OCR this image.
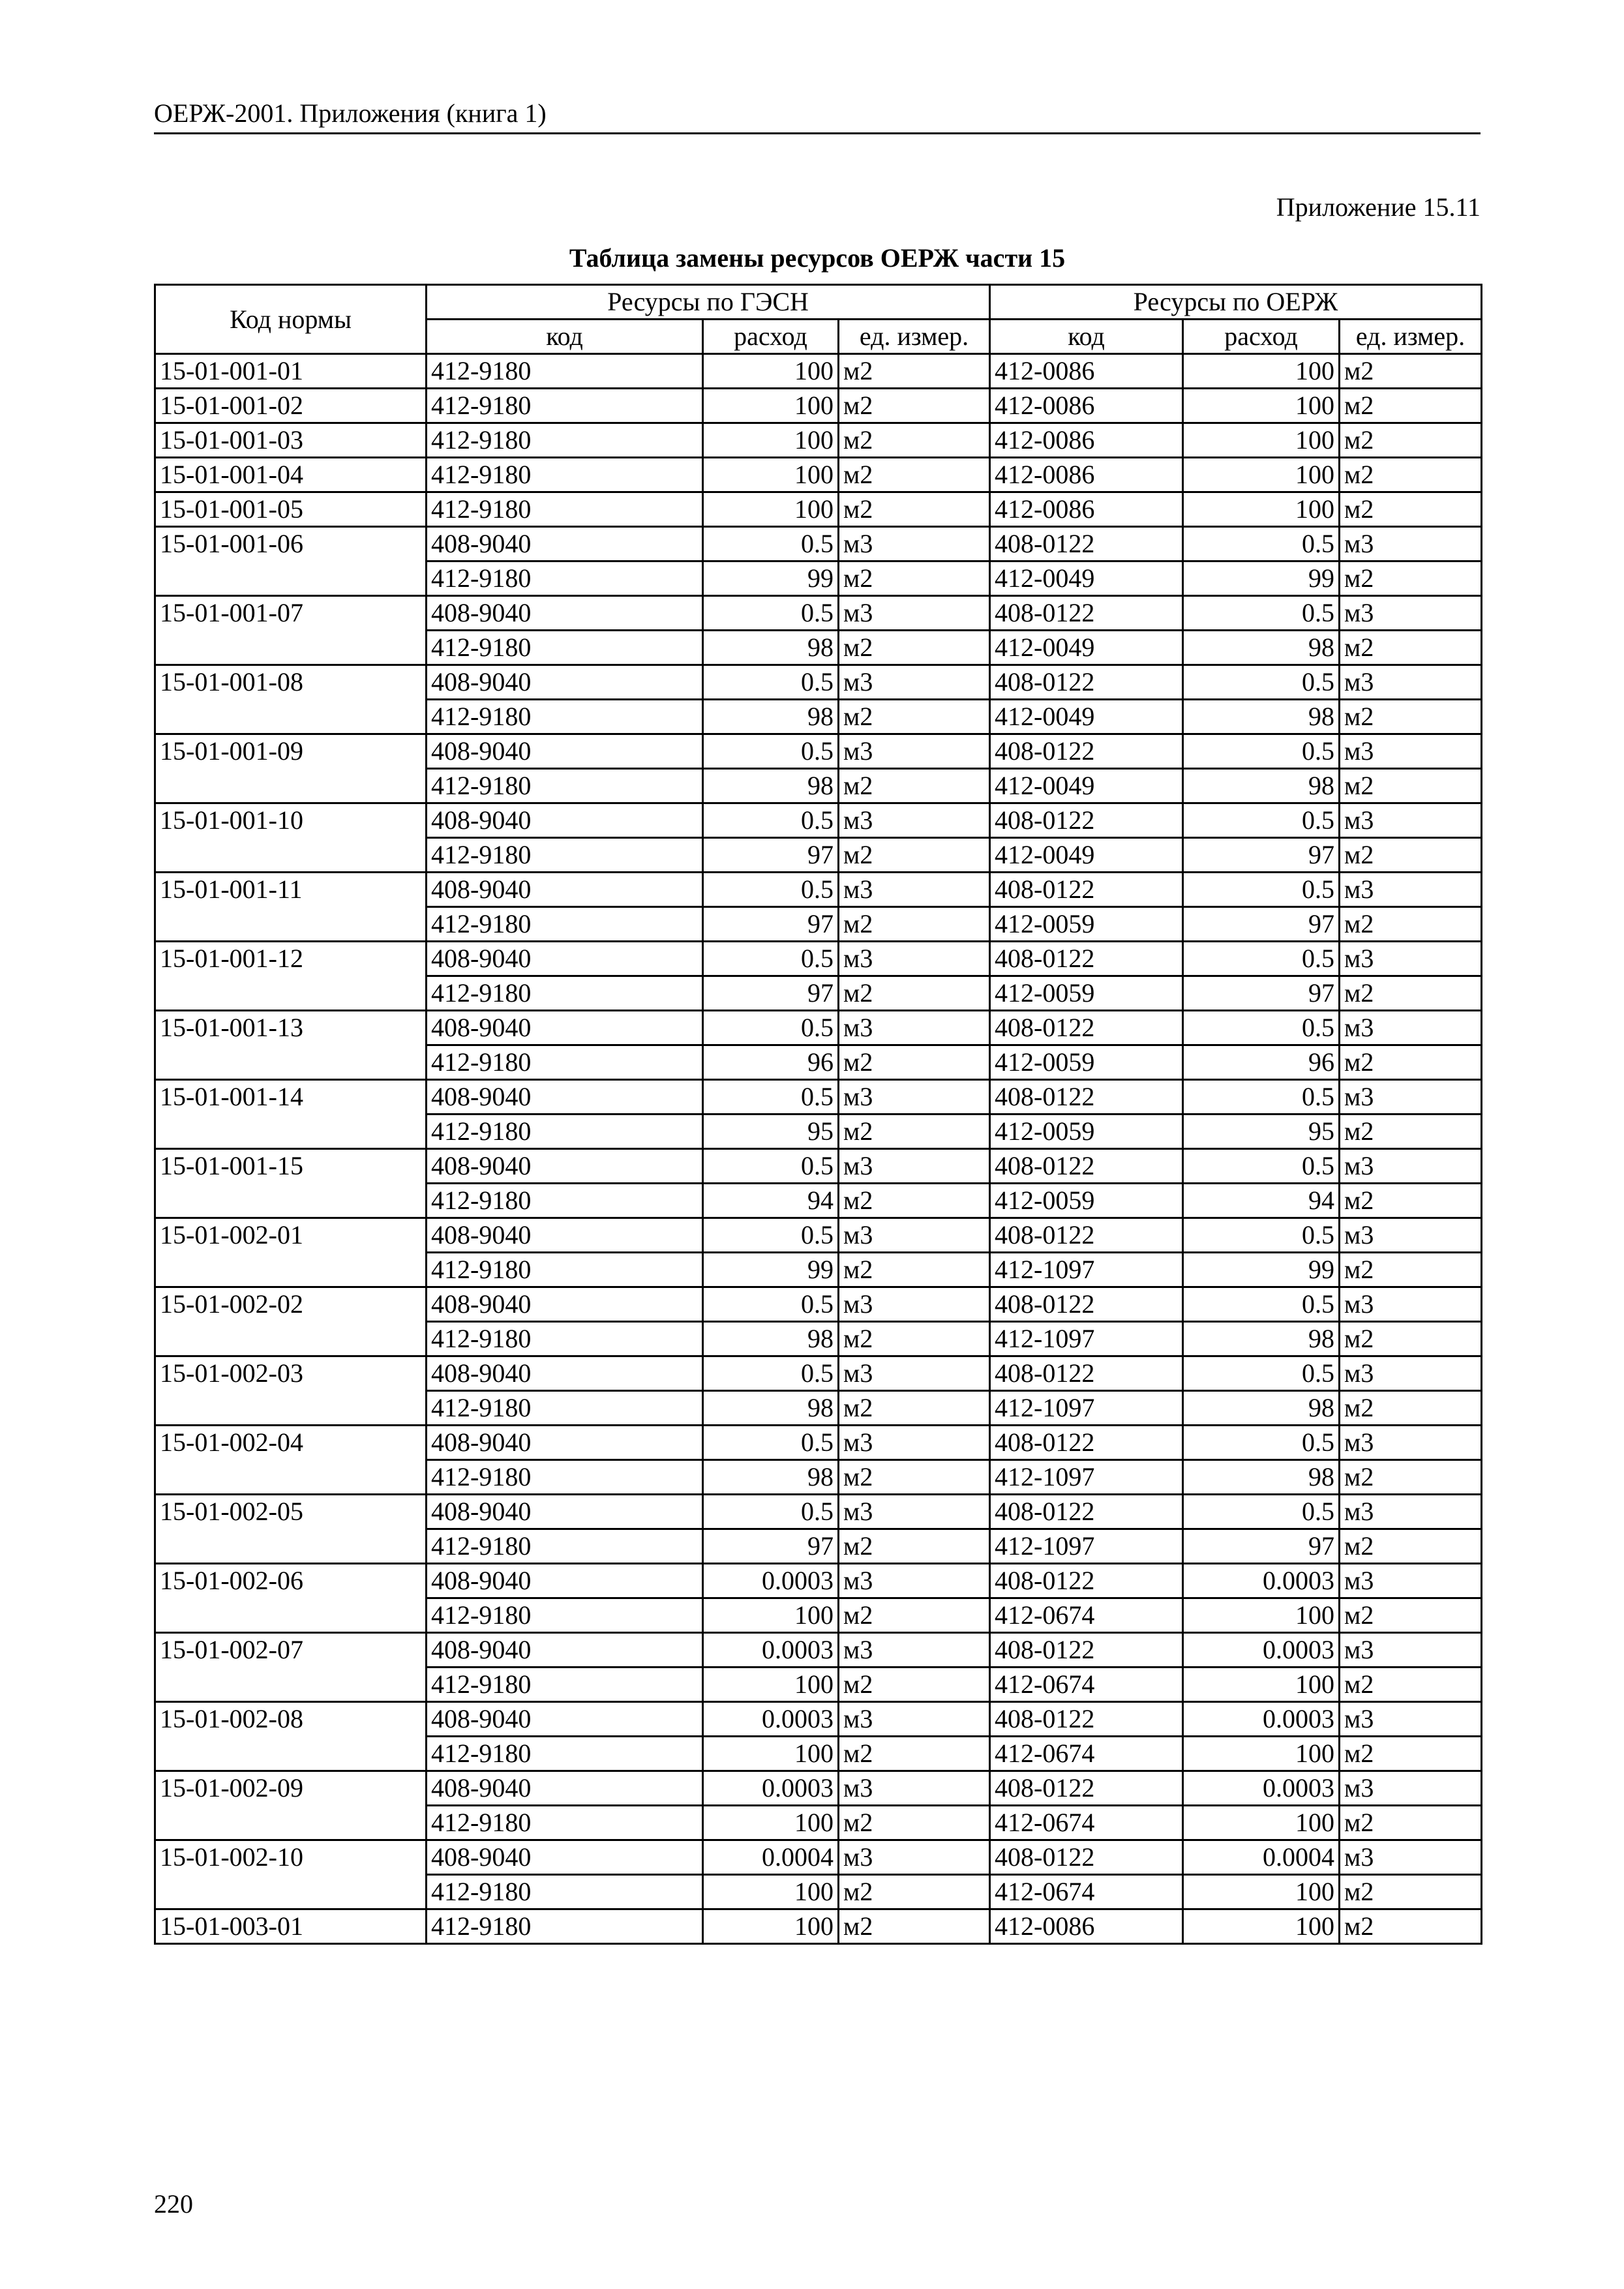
ОЕРЖ-2001. Приложения (книга 1)
Приложение 15.11
Таблица замены ресурсов ОЕРЖ части 15
Код нормы	Ресурсы по ГЭСН			Ресурсы по ОЕРЖ		
	код	расход	ед. измер.	код	расход	ед. измер.
15-01-001-01	412-9180	100	м2	412-0086	100	м2
15-01-001-02	412-9180	100	м2	412-0086	100	м2
15-01-001-03	412-9180	100	м2	412-0086	100	м2
15-01-001-04	412-9180	100	м2	412-0086	100	м2
15-01-001-05	412-9180	100	м2	412-0086	100	м2
15-01-001-06	408-9040	0.5	м3	408-0122	0.5	м3
	412-9180	99	м2	412-0049	99	м2
15-01-001-07	408-9040	0.5	м3	408-0122	0.5	м3
	412-9180	98	м2	412-0049	98	м2
15-01-001-08	408-9040	0.5	м3	408-0122	0.5	м3
	412-9180	98	м2	412-0049	98	м2
15-01-001-09	408-9040	0.5	м3	408-0122	0.5	м3
	412-9180	98	м2	412-0049	98	м2
15-01-001-10	408-9040	0.5	м3	408-0122	0.5	м3
	412-9180	97	м2	412-0049	97	м2
15-01-001-11	408-9040	0.5	м3	408-0122	0.5	м3
	412-9180	97	м2	412-0059	97	м2
15-01-001-12	408-9040	0.5	м3	408-0122	0.5	м3
	412-9180	97	м2	412-0059	97	м2
15-01-001-13	408-9040	0.5	м3	408-0122	0.5	м3
	412-9180	96	м2	412-0059	96	м2
15-01-001-14	408-9040	0.5	м3	408-0122	0.5	м3
	412-9180	95	м2	412-0059	95	м2
15-01-001-15	408-9040	0.5	м3	408-0122	0.5	м3
	412-9180	94	м2	412-0059	94	м2
15-01-002-01	408-9040	0.5	м3	408-0122	0.5	м3
	412-9180	99	м2	412-1097	99	м2
15-01-002-02	408-9040	0.5	м3	408-0122	0.5	м3
	412-9180	98	м2	412-1097	98	м2
15-01-002-03	408-9040	0.5	м3	408-0122	0.5	м3
	412-9180	98	м2	412-1097	98	м2
15-01-002-04	408-9040	0.5	м3	408-0122	0.5	м3
	412-9180	98	м2	412-1097	98	м2
15-01-002-05	408-9040	0.5	м3	408-0122	0.5	м3
	412-9180	97	м2	412-1097	97	м2
15-01-002-06	408-9040	0.0003	м3	408-0122	0.0003	м3
	412-9180	100	м2	412-0674	100	м2
15-01-002-07	408-9040	0.0003	м3	408-0122	0.0003	м3
	412-9180	100	м2	412-0674	100	м2
15-01-002-08	408-9040	0.0003	м3	408-0122	0.0003	м3
	412-9180	100	м2	412-0674	100	м2
15-01-002-09	408-9040	0.0003	м3	408-0122	0.0003	м3
	412-9180	100	м2	412-0674	100	м2
15-01-002-10	408-9040	0.0004	м3	408-0122	0.0004	м3
	412-9180	100	м2	412-0674	100	м2
15-01-003-01	412-9180	100	м2	412-0086	100	м2
220
